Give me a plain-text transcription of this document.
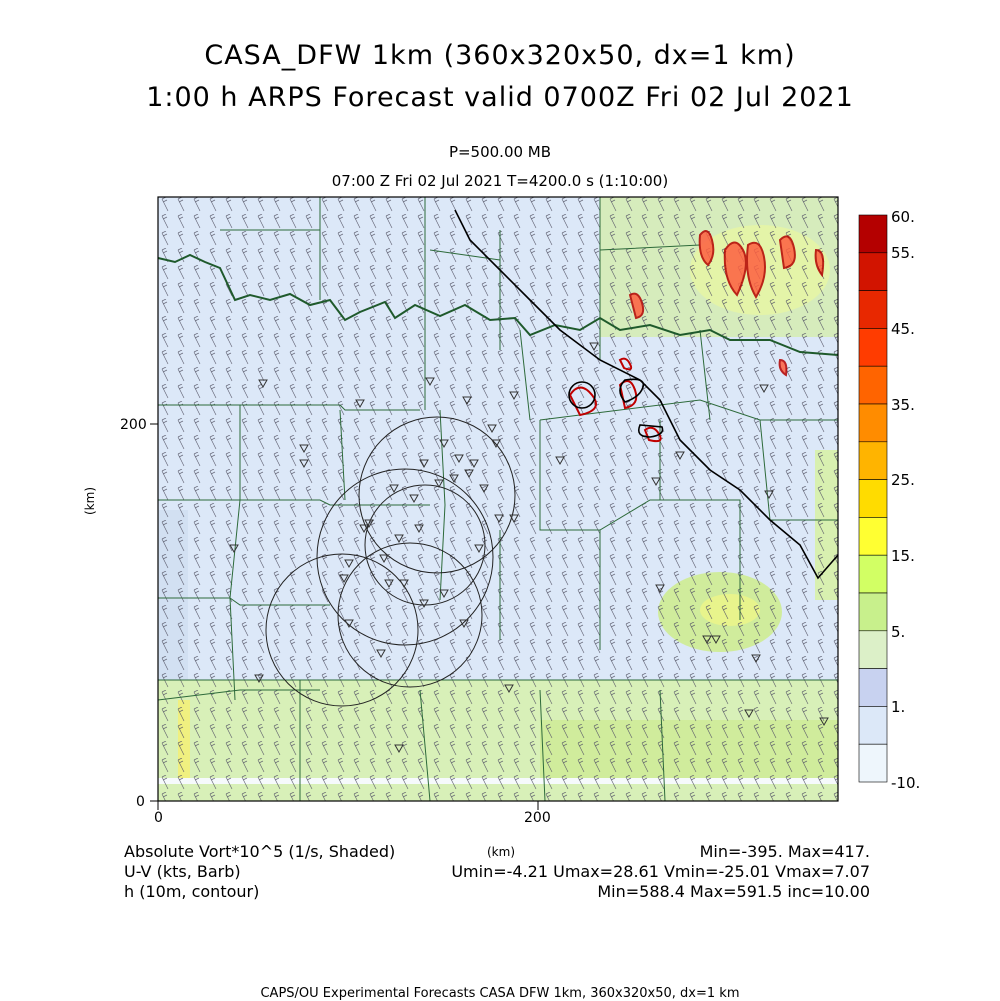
CASA_DFW 1km (360x320x50, dx=1 km)
1:00 h ARPS Forecast valid 0700Z Fri 02 Jul 2021
P=500.00 MB
07:00 Z Fri 02 Jul 2021 T=4200.0 s (1:10:00)
0	200
0
200
(km)
60.
55.
45.
35.
25.
15.
5.
1.
-10.
Absolute Vort*10^5 (1/s, Shaded)
U-V (kts, Barb)
h (10m, contour)
(km)	Min=-395. Max=417.
Umin=-4.21 Umax=28.61 Vmin=-25.01 Vmax=7.07
Min=588.4 Max=591.5 inc=10.00
CAPS/OU Experimental Forecasts CASA DFW 1km, 360x320x50, dx=1 km
